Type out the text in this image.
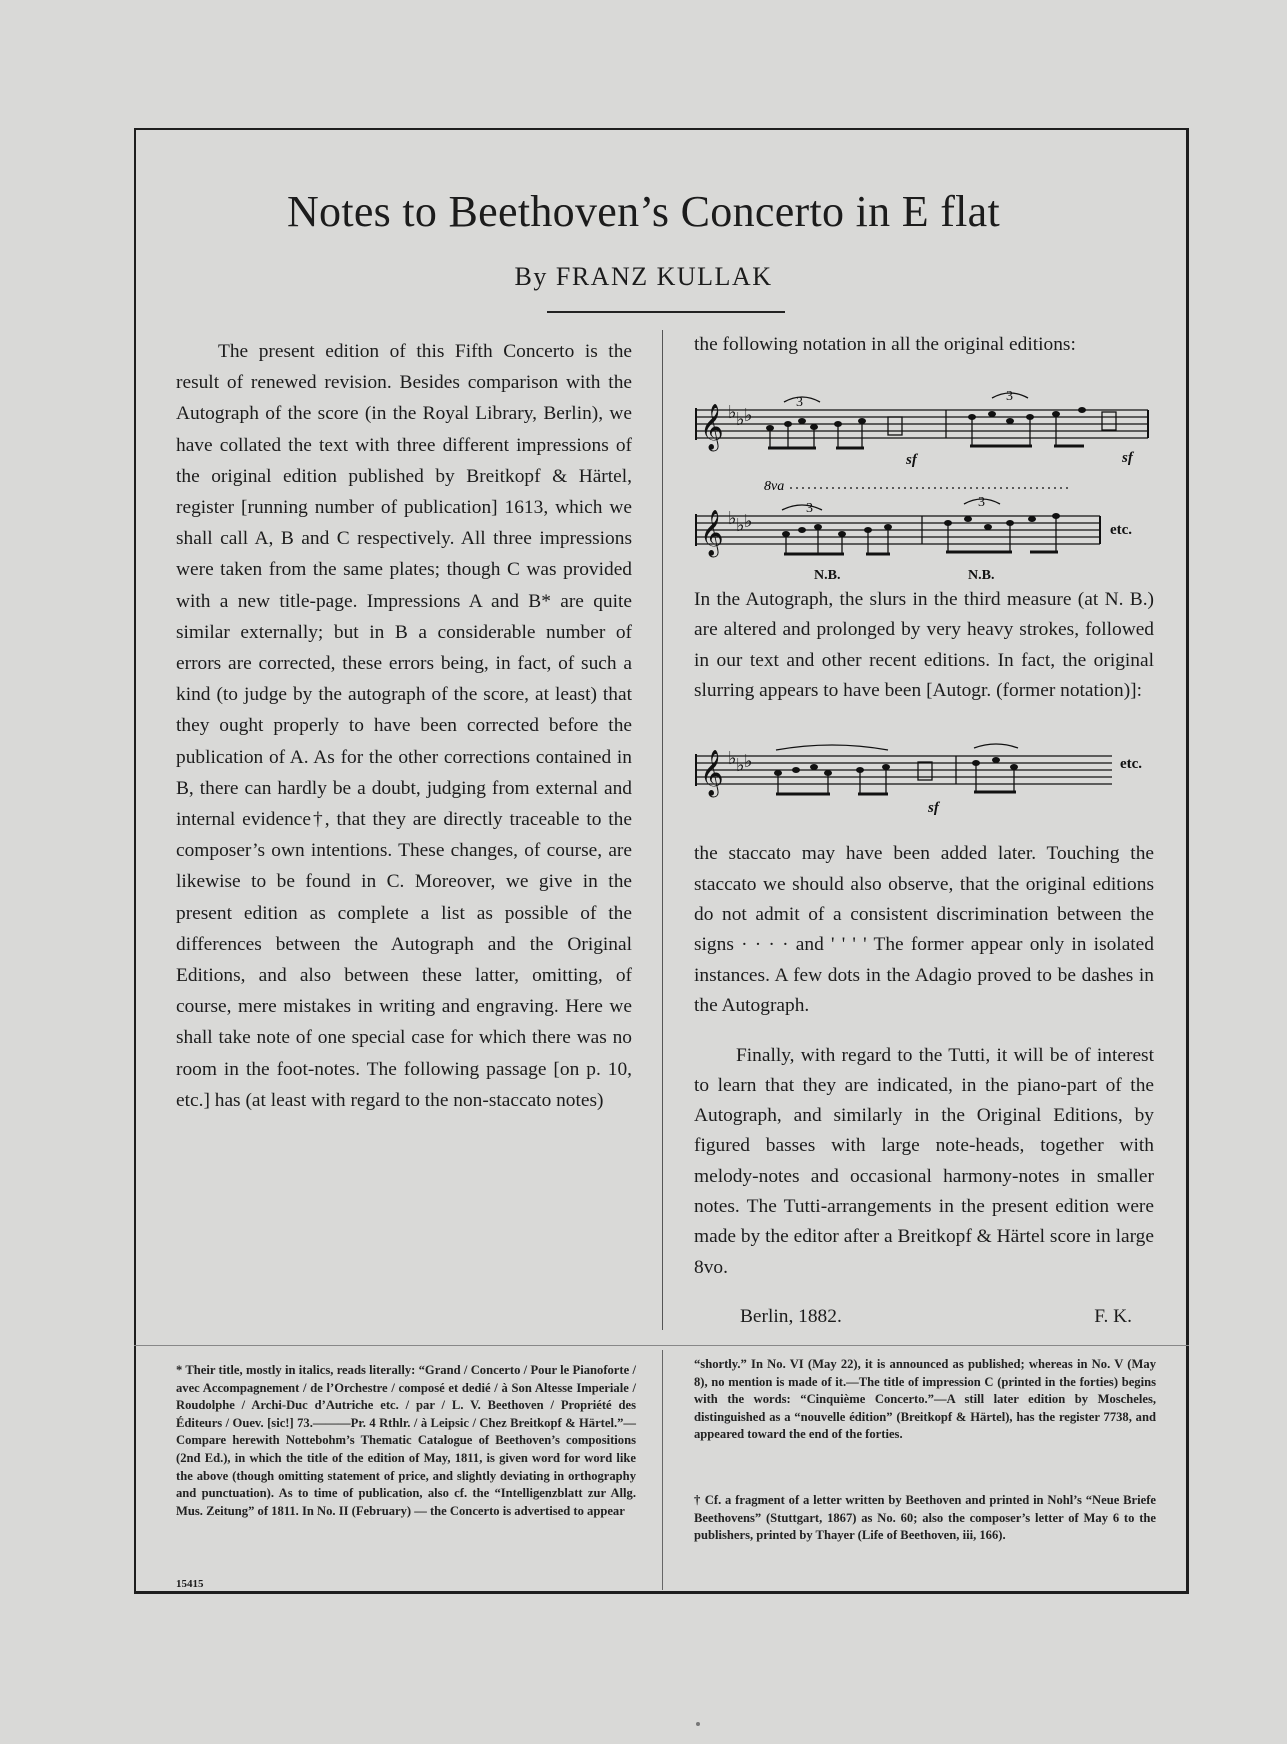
Notes to Beethoven’s Concerto in E flat
By FRANZ KULLAK

The present edition of this Fifth Concerto is the result of renewed revision. Besides comparison with the Autograph of the score (in the Royal Library, Berlin), we have collated the text with three different impressions of the original edition published by Breitkopf & Härtel, register [running number of publication] 1613, which we shall call A, B and C respectively. All three impressions were taken from the same plates; though C was provided with a new title-page. Impressions A and B* are quite similar externally; but in B a considerable number of errors are corrected, these errors being, in fact, of such a kind (to judge by the autograph of the score, at least) that they ought properly to have been corrected before the publication of A. As for the other corrections contained in B, there can hardly be a doubt, judging from external and internal evidence†, that they are directly traceable to the composer’s own intentions. These changes, of course, are likewise to be found in C. Moreover, we give in the present edition as complete a list as possible of the differences between the Autograph and the Original Editions, and also between these latter, omitting, of course, mere mistakes in writing and engraving. Here we shall take note of one special case for which there was no room in the foot-notes. The following passage [on p. 10, etc.] has (at least with regard to the non-staccato notes)

the following notation in all the original editions:
𝄞 ♭ ♭ ♭
3	3
sf	sf
8va
𝄞 ♭ ♭ ♭
3	3
etc.
N.B.	N.B.
In the Autograph, the slurs in the third measure (at N. B.) are altered and prolonged by very heavy strokes, followed in our text and other recent editions. In fact, the original slurring appears to have been [Autogr. (former notation)]:
𝄞 ♭ ♭ ♭
sf
etc.

the staccato may have been added later. Touching the staccato we should also observe, that the original editions do not admit of a consistent discrimination between the signs · · · · and ' ' ' ' The former appear only in isolated instances. A few dots in the Adagio proved to be dashes in the Autograph.

Finally, with regard to the Tutti, it will be of interest to learn that they are indicated, in the piano-part of the Autograph, and similarly in the Original Editions, by figured basses with large note-heads, together with melody-notes and occasional harmony-notes in smaller notes. The Tutti-arrangements in the present edition were made by the editor after a Breitkopf & Härtel score in large 8vo.

Berlin, 1882.	F. K.

* Their title, mostly in italics, reads literally: “Grand / Concerto / Pour le Pianoforte / avec Accompagnement / de l’Orchestre / composé et dedié / à Son Altesse Imperiale / Roudolphe / Archi-Duc d’Autriche etc. / par / L. V. Beethoven / Propriété des Éditeurs / Ouev. [sic!] 73.———Pr. 4 Rthlr. / à Leipsic / Chez Breitkopf & Härtel.”—Compare herewith Nottebohm’s Thematic Catalogue of Beethoven’s compositions (2nd Ed.), in which the title of the edition of May, 1811, is given word for word like the above (though omitting statement of price, and slightly deviating in orthography and punctuation). As to time of publication, also cf. the “Intelligenzblatt zur Allg. Mus. Zeitung” of 1811. In No. II (February) — the Concerto is advertised to appear
“shortly.” In No. VI (May 22), it is announced as published; whereas in No. V (May 8), no mention is made of it.—The title of impression C (printed in the forties) begins with the words: “Cinquième Concerto.”—A still later edition by Moscheles, distinguished as a “nouvelle édition” (Breitkopf & Härtel), has the register 7738, and appeared toward the end of the forties.
† Cf. a fragment of a letter written by Beethoven and printed in Nohl’s “Neue Briefe Beethovens” (Stuttgart, 1867) as No. 60; also the composer’s letter of May 6 to the publishers, printed by Thayer (Life of Beethoven, iii, 166).
15415
